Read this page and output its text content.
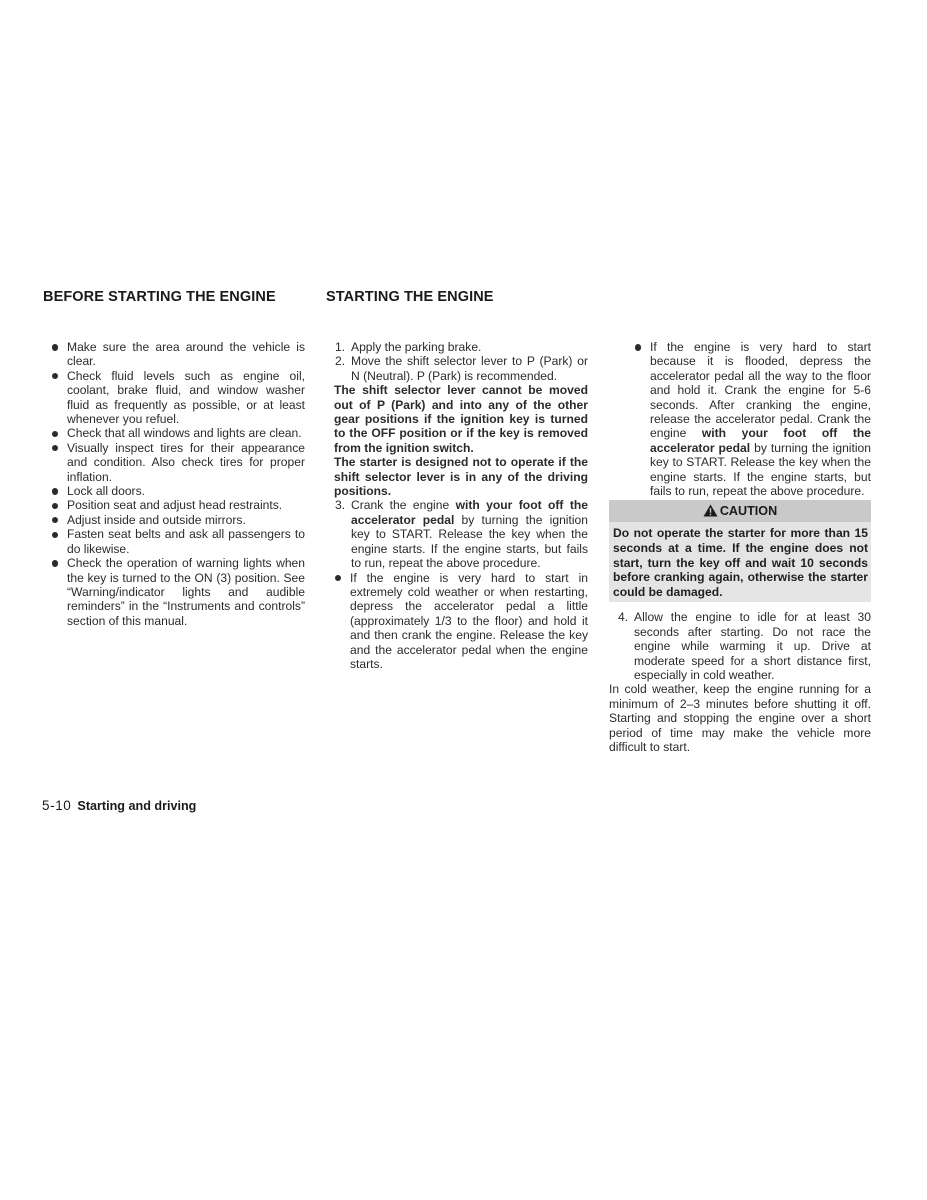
BEFORE STARTING THE ENGINE	STARTING THE ENGINE

Make sure the area around the vehicle is clear.

Check fluid levels such as engine oil, coolant, brake fluid, and window washer fluid as frequently as possible, or at least whenever you refuel.

Check that all windows and lights are clean.

Visually inspect tires for their appearance and condition. Also check tires for proper inflation.

Lock all doors.

Position seat and adjust head restraints.

Adjust inside and outside mirrors.

Fasten seat belts and ask all passengers to do likewise.

Check the operation of warning lights when the key is turned to the ON (3) position. See “Warning/indicator lights and audible reminders” in the “Instruments and controls” section of this manual.

1. Apply the parking brake.

2. Move the shift selector lever to P (Park) or N (Neutral). P (Park) is recommended.

The shift selector lever cannot be moved out of P (Park) and into any of the other gear positions if the ignition key is turned to the OFF position or if the key is removed from the ignition switch.

The starter is designed not to operate if the shift selector lever is in any of the driving positions.

3. Crank the engine with your foot off the accelerator pedal by turning the ignition key to START. Release the key when the engine starts. If the engine starts, but fails to run, repeat the above procedure.

If the engine is very hard to start in extremely cold weather or when restarting, depress the accelerator pedal a little (approximately 1/3 to the floor) and hold it and then crank the engine. Release the key and the accelerator pedal when the engine starts.

If the engine is very hard to start because it is flooded, depress the accelerator pedal all the way to the floor and hold it. Crank the engine for 5-6 seconds. After cranking the engine, release the accelerator pedal. Crank the engine with your foot off the accelerator pedal by turning the ignition key to START. Release the key when the engine starts. If the engine starts, but fails to run, repeat the above procedure.

CAUTION

Do not operate the starter for more than 15 seconds at a time. If the engine does not start, turn the key off and wait 10 seconds before cranking again, otherwise the starter could be damaged.

4. Allow the engine to idle for at least 30 seconds after starting. Do not race the engine while warming it up. Drive at moderate speed for a short distance first, especially in cold weather.

In cold weather, keep the engine running for a minimum of 2–3 minutes before shutting it off. Starting and stopping the engine over a short period of time may make the vehicle more difficult to start.

5-10 Starting and driving
